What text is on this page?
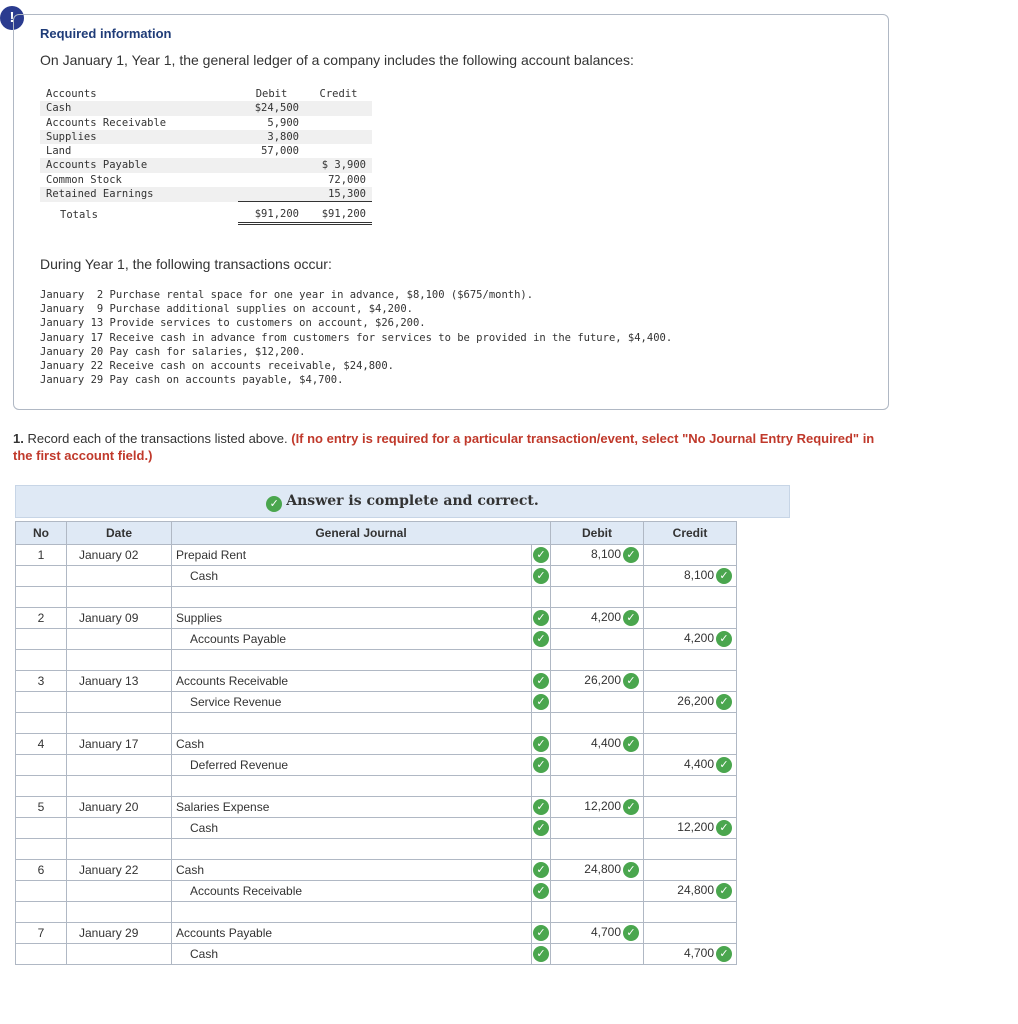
!
Required information
On January 1, Year 1, the general ledger of a company includes the following account balances:
Accounts	Debit	Credit
Cash	$24,500	
Accounts Receivable	5,900	
Supplies	3,800	
Land	57,000	
Accounts Payable		$ 3,900
Common Stock		72,000
Retained Earnings		15,300
Totals	$91,200	$91,200
During Year 1, the following transactions occur:
January  2 Purchase rental space for one year in advance, $8,100 ($675/month).
January  9 Purchase additional supplies on account, $4,200.
January 13 Provide services to customers on account, $26,200.
January 17 Receive cash in advance from customers for services to be provided in the future, $4,400.
January 20 Pay cash for salaries, $12,200.
January 22 Receive cash on accounts receivable, $24,800.
January 29 Pay cash on accounts payable, $4,700.
1. Record each of the transactions listed above. (If no entry is required for a particular transaction/event, select "No Journal Entry Required" in the first account field.)
✓ Answer is complete and correct.
No	Date	General Journal		Debit	Credit
1	January 02	Prepaid Rent	✓	8,100 ✓	
		Cash	✓		8,100 ✓

2	January 09	Supplies	✓	4,200 ✓	
		Accounts Payable	✓		4,200 ✓

3	January 13	Accounts Receivable	✓	26,200 ✓	
		Service Revenue	✓		26,200 ✓

4	January 17	Cash	✓	4,400 ✓	
		Deferred Revenue	✓		4,400 ✓

5	January 20	Salaries Expense	✓	12,200 ✓	
		Cash	✓		12,200 ✓

6	January 22	Cash	✓	24,800 ✓	
		Accounts Receivable	✓		24,800 ✓

7	January 29	Accounts Payable	✓	4,700 ✓	
		Cash	✓		4,700 ✓
